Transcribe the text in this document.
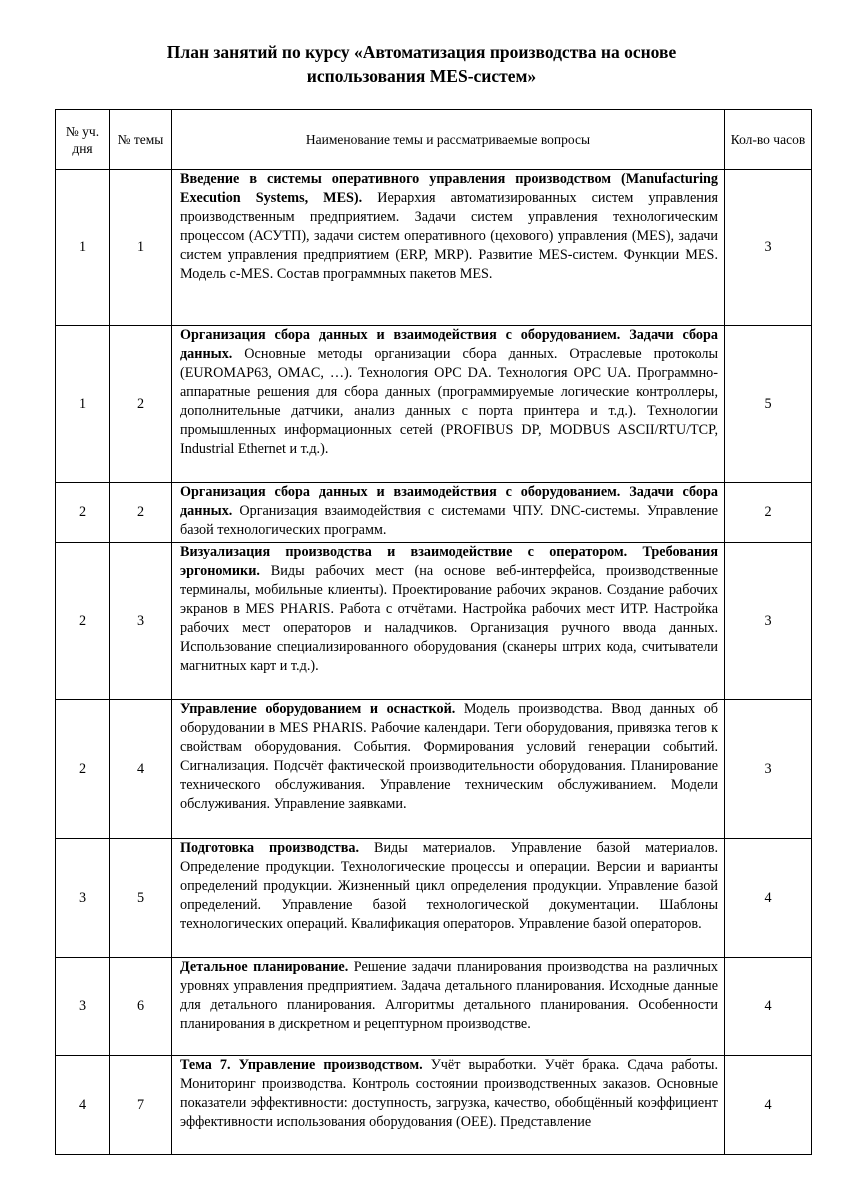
План занятий по курсу «Автоматизация производства на основе
использования MES-систем»
№ уч. дня	№ темы	Наименование темы и рассматриваемые вопросы	Кол-во часов
1	1	Введение в системы оперативного управления производством (Manufacturing Execution Systems, MES). Иерархия автоматизированных систем управления производственным предприятием. Задачи систем управления технологическим процессом (АСУТП), задачи систем оперативного (цехового) управления (MES), задачи систем управления предприятием (ERP, MRP). Развитие MES-систем. Функции MES. Модель c-MES. Состав программных пакетов MES.	3
1	2	Организация сбора данных и взаимодействия с оборудованием. Задачи сбора данных. Основные методы организации сбора данных. Отраслевые протоколы (EUROMAP63, OMAC, …). Технология OPC DA. Технология OPC UA. Программно-аппаратные решения для сбора данных (программируемые логические контроллеры, дополнительные датчики, анализ данных с порта принтера и т.д.). Технологии промышленных информационных сетей (PROFIBUS DP, MODBUS ASCII/RTU/TCP, Industrial Ethernet и т.д.).	5
2	2	Организация сбора данных и взаимодействия с оборудованием. Задачи сбора данных. Организация взаимодействия с системами ЧПУ. DNC-системы. Управление базой технологических программ.	2
2	3	Визуализация производства и взаимодействие с оператором. Требования эргономики. Виды рабочих мест (на основе веб-интерфейса, производственные терминалы, мобильные клиенты). Проектирование рабочих экранов. Создание рабочих экранов в MES PHARIS. Работа с отчётами. Настройка рабочих мест ИТР. Настройка рабочих мест операторов и наладчиков. Организация ручного ввода данных. Использование специализированного оборудования (сканеры штрих кода, считыватели магнитных карт и т.д.).	3
2	4	Управление оборудованием и оснасткой. Модель производства. Ввод данных об оборудовании в MES PHARIS. Рабочие календари. Теги оборудования, привязка тегов к свойствам оборудования. События. Формирования условий генерации событий. Сигнализация. Подсчёт фактической производительности оборудования. Планирование технического обслуживания. Управление техническим обслуживанием. Модели обслуживания. Управление заявками.	3
3	5	Подготовка производства. Виды материалов. Управление базой материалов. Определение продукции. Технологические процессы и операции. Версии и варианты определений продукции. Жизненный цикл определения продукции. Управление базой определений. Управление базой технологической документации. Шаблоны технологических операций. Квалификация операторов. Управление базой операторов.	4
3	6	Детальное планирование. Решение задачи планирования производства на различных уровнях управления предприятием. Задача детального планирования. Исходные данные для детального планирования. Алгоритмы детального планирования. Особенности планирования в дискретном и рецептурном производстве.	4
4	7	Тема 7. Управление производством. Учёт выработки. Учёт брака. Сдача работы. Мониторинг производства. Контроль состоянии производственных заказов. Основные показатели эффективности: доступность, загрузка, качество, обобщённый коэффициент эффективности использования оборудования (OEE). Представление	4
